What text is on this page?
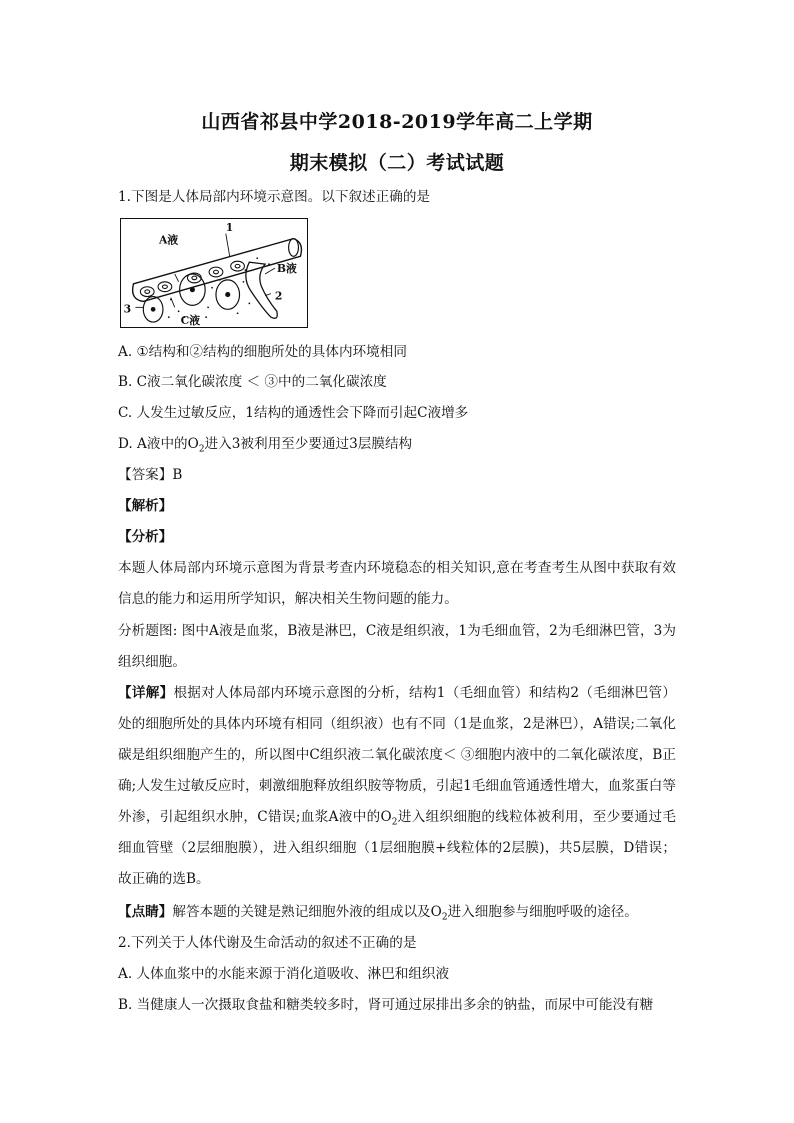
山西省祁县中学2018-2019学年高二上学期
期末模拟（二）考试试题
1.下图是人体局部内环境示意图。以下叙述正确的是
1
A液
B液
2
3
C液
A. ①结构和②结构的细胞所处的具体内环境相同
B. C液二氧化碳浓度 ＜ ③中的二氧化碳浓度
C. 人发生过敏反应，1结构的通透性会下降而引起C液增多
D. A液中的$O_2$进入3被利用至少要通过3层膜结构
【答案】B
【解析】
【分析】
本题人体局部内环境示意图为背景考查内环境稳态的相关知识,意在考查考生从图中获取有效信息的能力和运用所学知识，解决相关生物问题的能力。
分析题图: 图中A液是血浆，B液是淋巴，C液是组织液，1为毛细血管，2为毛细淋巴管，3为组织细胞。
【详解】根据对人体局部内环境示意图的分析，结构1（毛细血管）和结构2（毛细淋巴管）处的细胞所处的具体内环境有相同（组织液）也有不同（1是血浆，2是淋巴），A错误;二氧化碳是组织细胞产生的，所以图中C组织液二氧化碳浓度＜ ③细胞内液中的二氧化碳浓度，B正确;人发生过敏反应时，刺激细胞释放组织胺等物质，引起1毛细血管通透性增大，血浆蛋白等外渗，引起组织水肿，C错误;血浆A液中的$O_2$进入组织细胞的线粒体被利用，至少要通过毛细血管壁（2层细胞膜），进入组织细胞（1层细胞膜+线粒体的2层膜)，共5层膜，D错误；故正确的选B。
【点睛】解答本题的关键是熟记细胞外液的组成以及$O_2$进入细胞参与细胞呼吸的途径。
2.下列关于人体代谢及生命活动的叙述不正确的是
A. 人体血浆中的水能来源于消化道吸收、淋巴和组织液
B. 当健康人一次摄取食盐和糖类较多时，肾可通过尿排出多余的钠盐，而尿中可能没有糖
